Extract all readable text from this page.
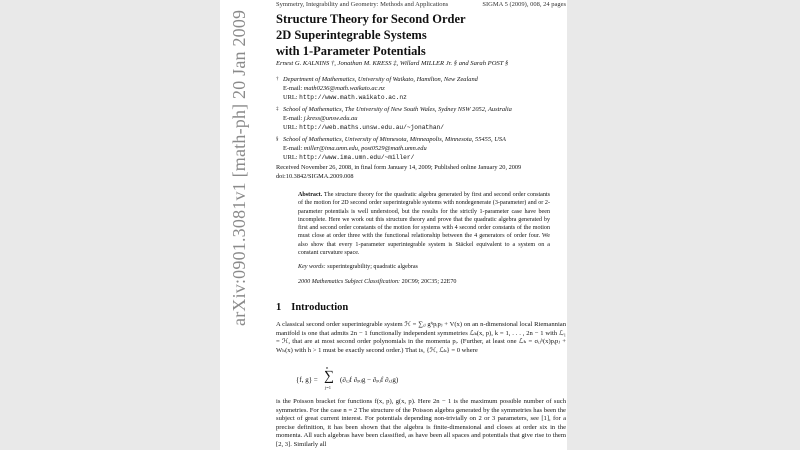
arXiv:0901.3081v1 [math-ph] 20 Jan 2009
Symmetry, Integrability and Geometry: Methods and Applications	SIGMA 5 (2009), 008, 24 pages
Structure Theory for Second Order
2D Superintegrable Systems
with 1-Parameter Potentials
Ernest G. KALNINS †, Jonathan M. KRESS ‡, Willard MILLER Jr. § and Sarah POST §
† Department of Mathematics, University of Waikato, Hamilton, New Zealand
E-mail: math0236@math.waikato.ac.nz
URL: http://www.math.waikato.ac.nz
‡ School of Mathematics, The University of New South Wales, Sydney NSW 2052, Australia
E-mail: j.kress@unsw.edu.au
URL: http://web.maths.unsw.edu.au/~jonathan/
§ School of Mathematics, University of Minnesota, Minneapolis, Minnesota, 55455, USA
E-mail: miller@ima.umn.edu, post0529@math.umn.edu
URL: http://www.ima.umn.edu/~miller/
Received November 26, 2008, in final form January 14, 2009; Published online January 20, 2009
doi:10.3842/SIGMA.2009.008
Abstract. The structure theory for the quadratic algebra generated by first and second order constants of the motion for 2D second order superintegrable systems with nondegenerate (3-parameter) and or 2-parameter potentials is well understood, but the results for the strictly 1-parameter case have been incomplete. Here we work out this structure theory and prove that the quadratic algebra generated by first and second order constants of the motion for systems with 4 second order constants of the motion must close at order three with the functional relationship between the 4 generators of order four. We also show that every 1-parameter superintegrable system is Stäckel equivalent to a system on a constant curvature space.
Key words: superintegrability; quadratic algebras
2000 Mathematics Subject Classification: 20C99; 20C35; 22E70
1 Introduction
A classical second order superintegrable system ℋ = ∑ᵢⱼ gⁱʲpᵢpⱼ + V(x) on an n-dimensional local Riemannian manifold is one that admits 2n − 1 functionally independent symmetries ℒₖ(x, p), k = 1, . . . , 2n − 1 with ℒ₁ = ℋ, that are at most second order polynomials in the momenta pᵢ. (Further, at least one ℒₕ = σᵢⱼʰ(x)pᵢpⱼ + Wₕ(x) with h > 1 must be exactly second order.) That is, {ℋ, ℒₖ} = 0 where
{f, g} =
n
∑
j=1
(∂ₓⱼf ∂ₚⱼg − ∂ₚⱼf ∂ₓⱼg)
is the Poisson bracket for functions f(x, p), g(x, p). Here 2n − 1 is the maximum possible number of such symmetries. For the case n = 2 The structure of the Poisson algebra generated by the symmetries has been the subject of great current interest. For potentials depending non-trivially on 2 or 3 parameters, see [1], for a precise definition, it has been shown that the algebra is finite-dimensional and closes at order six in the momenta. All such algebras have been classified, as have been all spaces and potentials that give rise to them [2, 3]. Similarly all
